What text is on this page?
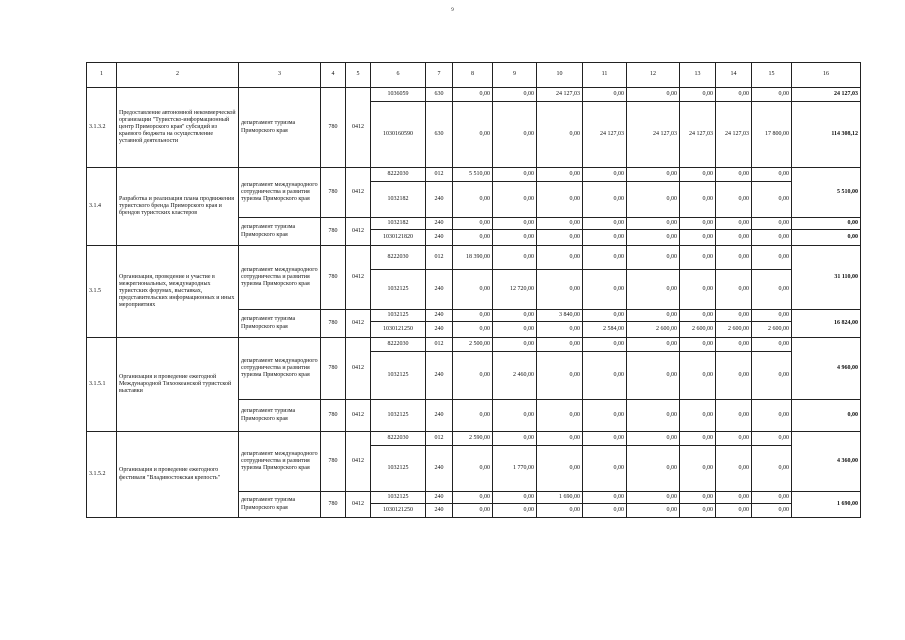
9
1	2	3	4	5	6	7	8	9	10	11	12	13	14	15	16
3.1.3.2	Предоставление автономной некоммерческой организации "Туристско-информационный центр Приморского края" субсидий из краевого бюджета на осуществление уставной деятельности	департамент туризма Приморского края	780	0412	1036059	630	0,00	0,00	24 127,03	0,00	0,00	0,00	0,00	0,00	24 127,03
					1030160590	630	0,00	0,00	0,00	24 127,03	24 127,03	24 127,03	24 127,03	17 800,00	114 308,12
3.1.4	Разработка и реализация плана продвижения туристского бренда Приморского края и брендов туристских кластеров	департамент международного сотрудничества и развития туризма Приморского края	780	0412	8222030	012	5 510,00	0,00	0,00	0,00	0,00	0,00	0,00	0,00	5 510,00
					1032182	240	0,00	0,00	0,00	0,00	0,00	0,00	0,00	0,00	
		департамент туризма Приморского края	780	0412	1032182	240	0,00	0,00	0,00	0,00	0,00	0,00	0,00	0,00	0,00
					1030121820	240	0,00	0,00	0,00	0,00	0,00	0,00	0,00	0,00	0,00
3.1.5	Организация, проведение и участие в межрегиональных, международных туристских форумах, выставках, представительских информационных и иных мероприятиях	департамент международного сотрудничества и развития туризма Приморского края	780	0412	8222030	012	18 390,00	0,00	0,00	0,00	0,00	0,00	0,00	0,00	31 110,00
					1032125	240	0,00	12 720,00	0,00	0,00	0,00	0,00	0,00	0,00	
		департамент туризма Приморского края	780	0412	1032125	240	0,00	0,00	3 840,00	0,00	0,00	0,00	0,00	0,00	16 824,00
					1030121250	240	0,00	0,00	0,00	2 584,00	2 600,00	2 600,00	2 600,00	2 600,00	
3.1.5.1	Организация и проведение ежегодной Международной Тихоокеанской туристской выставки	департамент международного сотрудничества и развития туризма Приморского края	780	0412	8222030	012	2 500,00	0,00	0,00	0,00	0,00	0,00	0,00	0,00	4 960,00
					1032125	240	0,00	2 460,00	0,00	0,00	0,00	0,00	0,00	0,00	
		департамент туризма Приморского края	780	0412	1032125	240	0,00	0,00	0,00	0,00	0,00	0,00	0,00	0,00	0,00
3.1.5.2	Организация и проведение ежегодного фестиваля "Владивостокская крепость"	департамент международного сотрудничества и развития туризма Приморского края	780	0412	8222030	012	2 590,00	0,00	0,00	0,00	0,00	0,00	0,00	0,00	4 360,00
					1032125	240	0,00	1 770,00	0,00	0,00	0,00	0,00	0,00	0,00	
		департамент туризма Приморского края	780	0412	1032125	240	0,00	0,00	1 690,00	0,00	0,00	0,00	0,00	0,00	1 690,00
					1030121250	240	0,00	0,00	0,00	0,00	0,00	0,00	0,00	0,00	
